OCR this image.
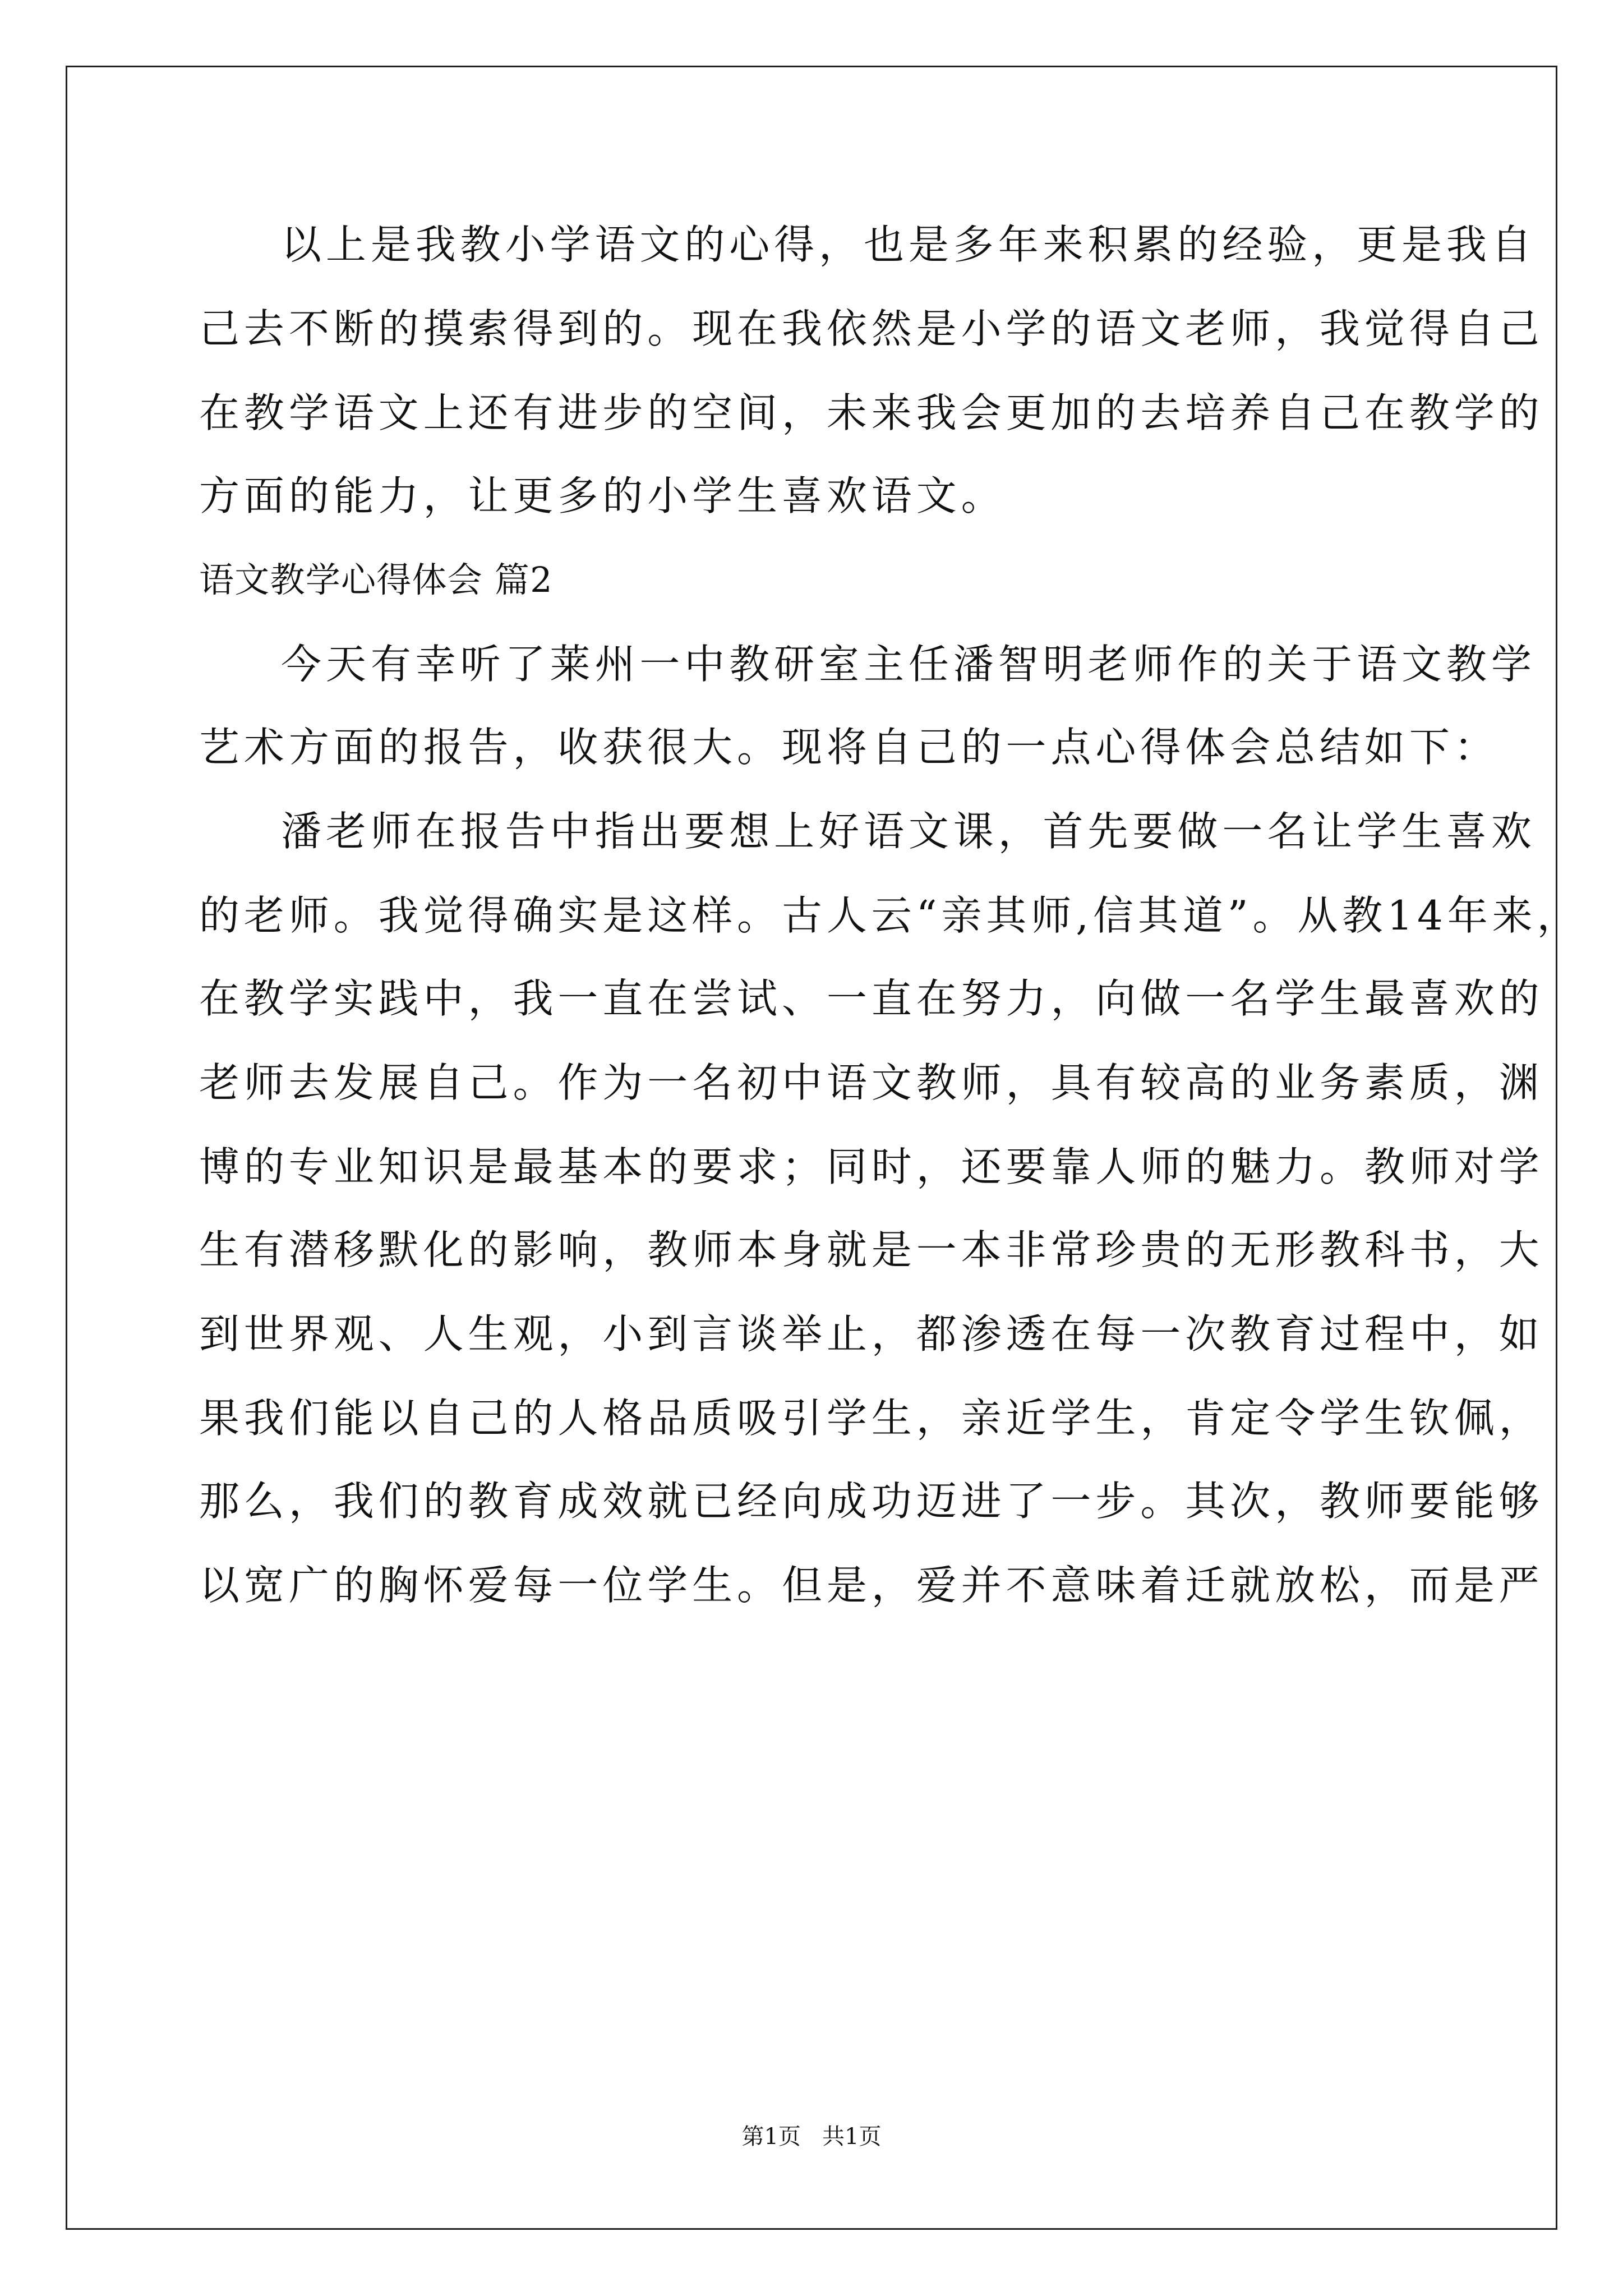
以上是我教小学语文的心得，也是多年来积累的经验，更是我自

己去不断的摸索得到的。现在我依然是小学的语文老师，我觉得自己

在教学语文上还有进步的空间，未来我会更加的去培养自己在教学的

方面的能力，让更多的小学生喜欢语文。

语文教学心得体会 篇2

今天有幸听了莱州一中教研室主任潘智明老师作的关于语文教学

艺术方面的报告，收获很大。现将自己的一点心得体会总结如下：

潘老师在报告中指出要想上好语文课，首先要做一名让学生喜欢

的老师。我觉得确实是这样。古人云“亲其师,信其道”。从教14年来，

在教学实践中，我一直在尝试、一直在努力，向做一名学生最喜欢的

老师去发展自己。作为一名初中语文教师，具有较高的业务素质，渊

博的专业知识是最基本的要求；同时，还要靠人师的魅力。教师对学

生有潜移默化的影响，教师本身就是一本非常珍贵的无形教科书，大

到世界观、人生观，小到言谈举止，都渗透在每一次教育过程中，如

果我们能以自己的人格品质吸引学生，亲近学生，肯定令学生钦佩，

那么，我们的教育成效就已经向成功迈进了一步。其次，教师要能够

以宽广的胸怀爱每一位学生。但是，爱并不意味着迁就放松，而是严

第1页   共1页
